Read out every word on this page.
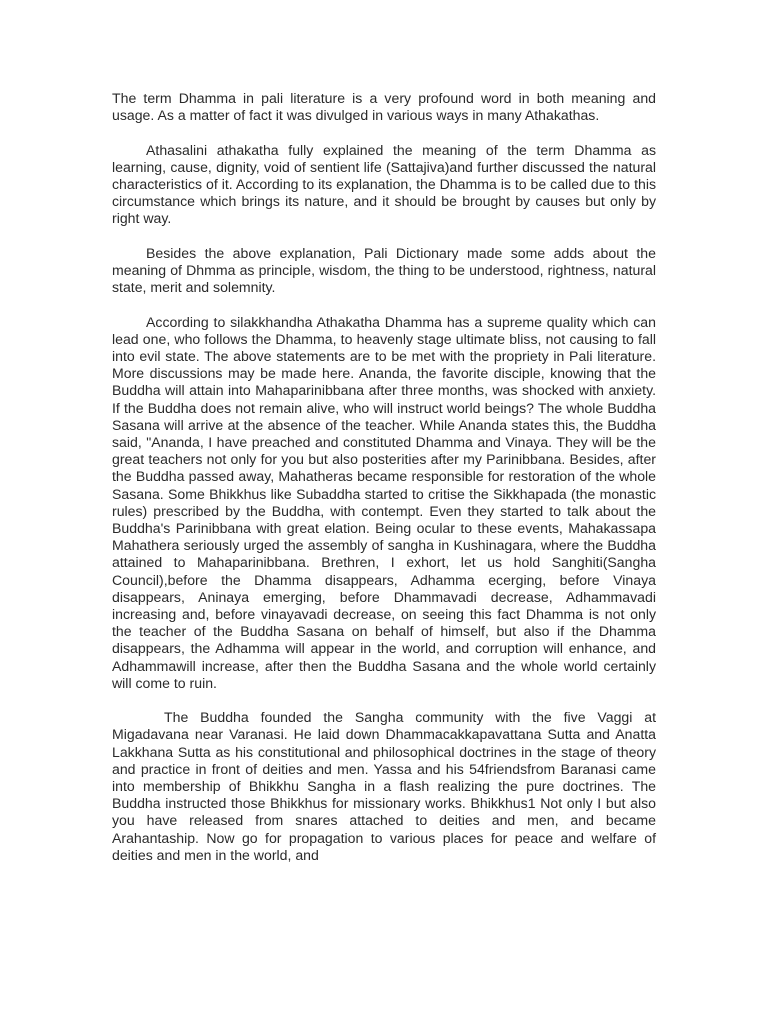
The term Dhamma in pali literature is a very profound word in both meaning and usage. As a matter of fact it was divulged in various ways in many Athakathas.

Athasalini athakatha fully explained the meaning of the term Dhamma as learning, cause, dignity, void of sentient life (Sattajiva)and further discussed the natural characteristics of it. According to its explanation, the Dhamma is to be called due to this circumstance which brings its nature, and it should be brought by causes but only by right way.

Besides the above explanation, Pali Dictionary made some adds about the meaning of Dhmma as principle, wisdom, the thing to be understood, rightness, natural state, merit and solemnity.

According to silakkhandha Athakatha Dhamma has a supreme quality which can lead one, who follows the Dhamma, to heavenly stage ultimate bliss, not causing to fall into evil state. The above statements are to be met with the propriety in Pali literature. More discussions may be made here. Ananda, the favorite disciple, knowing that the Buddha will attain into Mahaparinibbana after three months, was shocked with anxiety. If the Buddha does not remain alive, who will instruct world beings? The whole Buddha Sasana will arrive at the absence of the teacher. While Ananda states this, the Buddha said, "Ananda, I have preached and constituted Dhamma and Vinaya. They will be the great teachers not only for you but also posterities after my Parinibbana. Besides, after the Buddha passed away, Mahatheras became responsible for restoration of the whole Sasana. Some Bhikkhus like Subaddha started to critise the Sikkhapada (the monastic rules) prescribed by the Buddha, with contempt. Even they started to talk about the Buddha's Parinibbana with great elation. Being ocular to these events, Mahakassapa Mahathera seriously urged the assembly of sangha in Kushinagara, where the Buddha attained to Mahaparinibbana. Brethren, I exhort, let us hold Sanghiti(Sangha Council),before the Dhamma disappears, Adhamma ecerging, before Vinaya disappears, Aninaya emerging, before Dhammavadi decrease, Adhammavadi increasing and, before vinayavadi decrease, on seeing this fact Dhamma is not only the teacher of the Buddha Sasana on behalf of himself, but also if the Dhamma disappears, the Adhamma will appear in the world, and corruption will enhance, and Adhammawill increase, after then the Buddha Sasana and the whole world certainly will come to ruin.

The Buddha founded the Sangha community with the five Vaggi at Migadavana near Varanasi. He laid down Dhammacakkapavattana Sutta and Anatta Lakkhana Sutta as his constitutional and philosophical doctrines in the stage of theory and practice in front of deities and men. Yassa and his 54friendsfrom Baranasi came into membership of Bhikkhu Sangha in a flash realizing the pure doctrines. The Buddha instructed those Bhikkhus for missionary works. Bhikkhus1 Not only I but also you have released from snares attached to deities and men, and became Arahantaship. Now go for propagation to various places for peace and welfare of deities and men in the world, and
